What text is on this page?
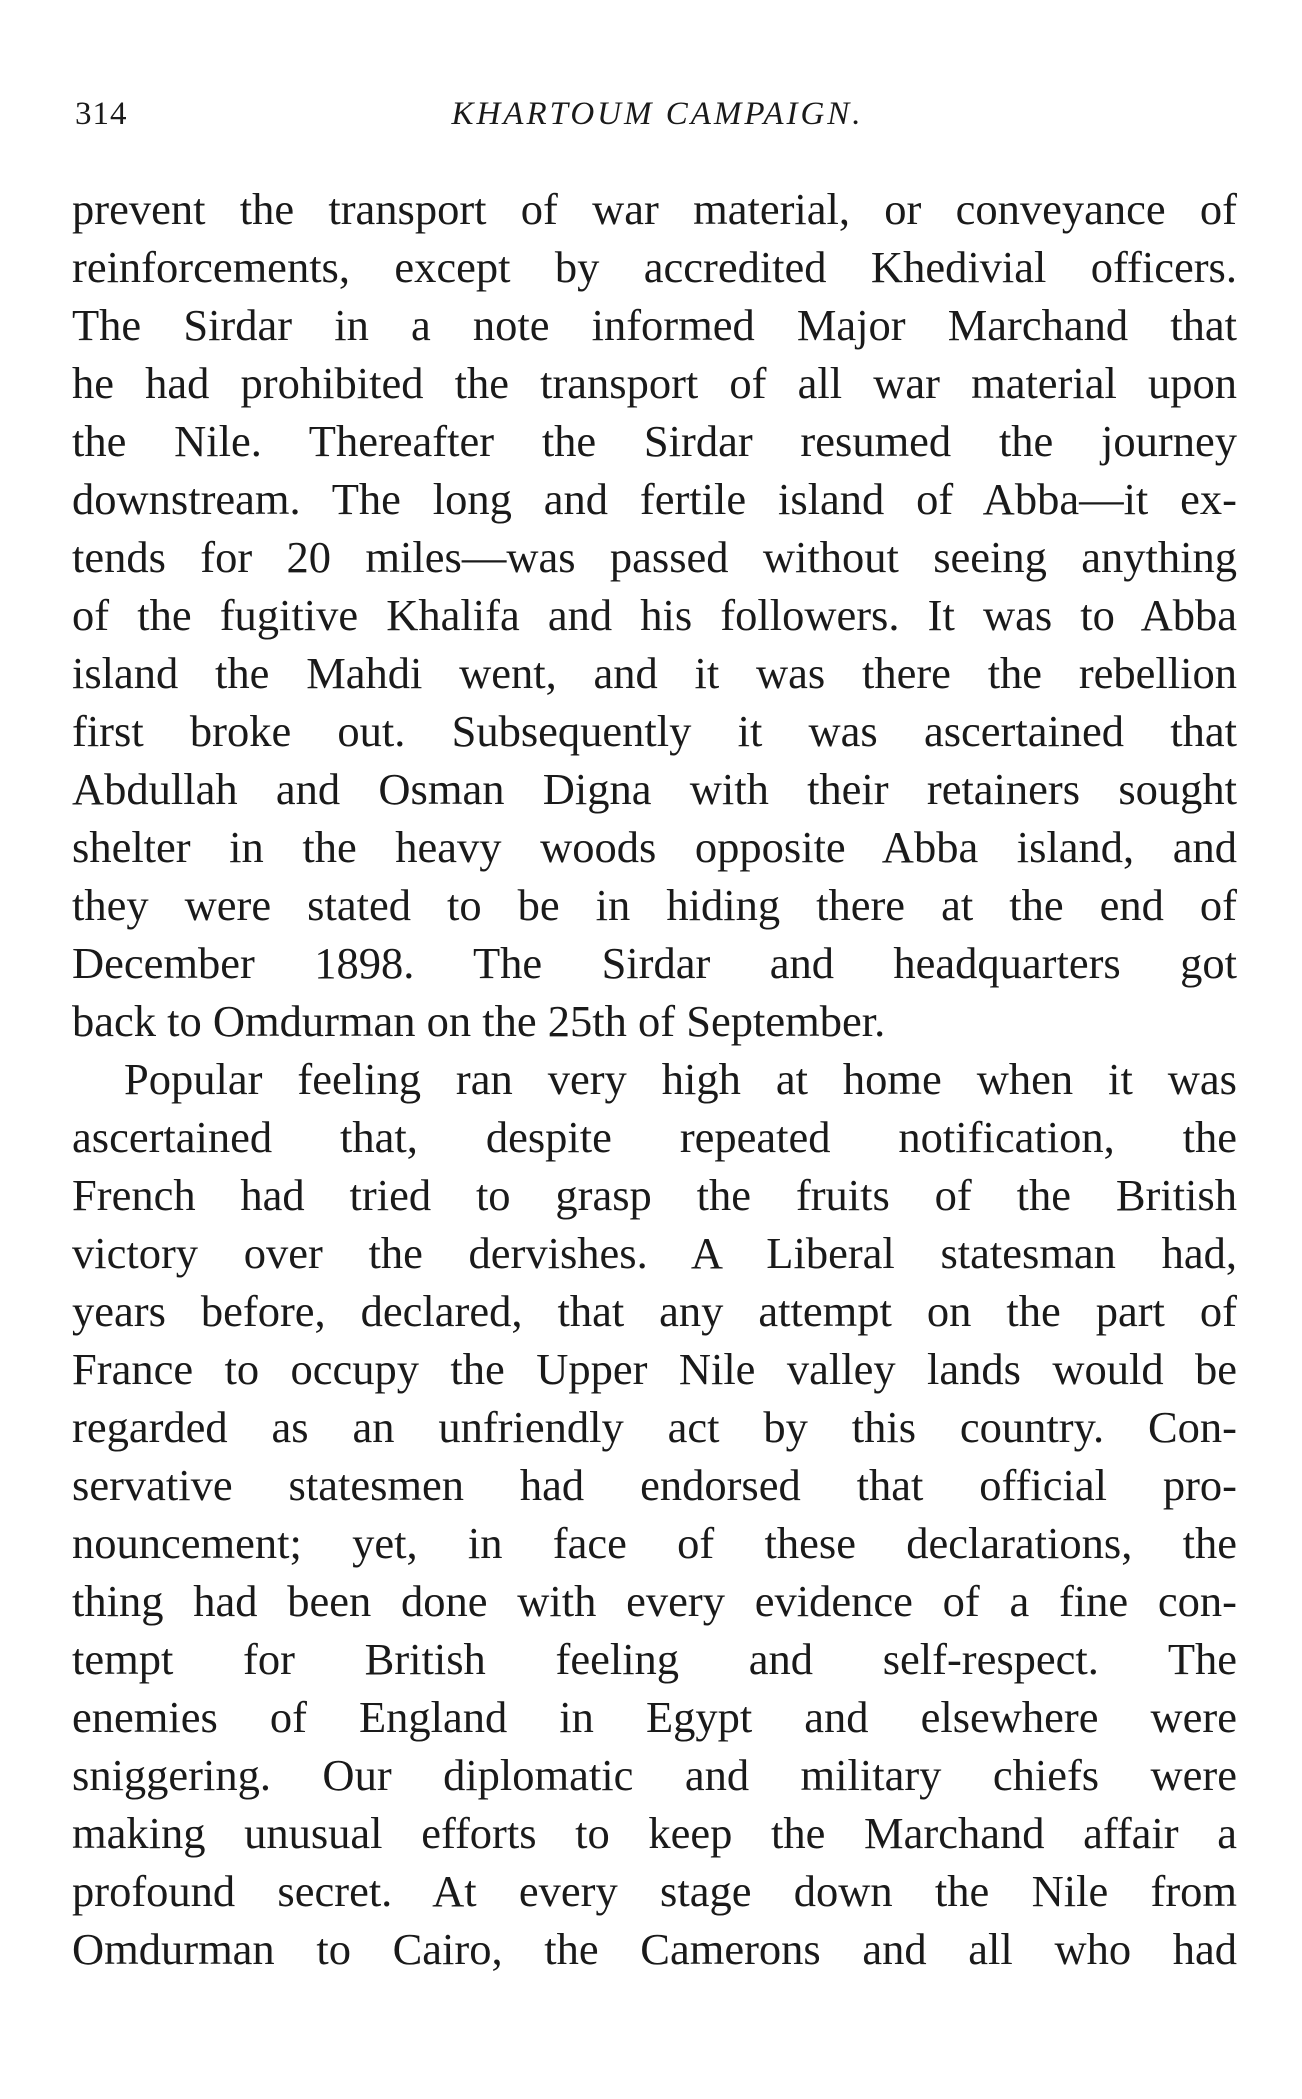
314	KHARTOUM CAMPAIGN.
prevent the transport of war material, or conveyance of
reinforcements, except by accredited Khedivial officers.
The Sirdar in a note informed Major Marchand that
he had prohibited the transport of all war material upon
the Nile. Thereafter the Sirdar resumed the journey
downstream. The long and fertile island of Abba—it ex-
tends for 20 miles—was passed without seeing anything
of the fugitive Khalifa and his followers. It was to Abba
island the Mahdi went, and it was there the rebellion
first broke out. Subsequently it was ascertained that
Abdullah and Osman Digna with their retainers sought
shelter in the heavy woods opposite Abba island, and
they were stated to be in hiding there at the end of
December 1898. The Sirdar and headquarters got
back to Omdurman on the 25th of September.
Popular feeling ran very high at home when it was
ascertained that, despite repeated notification, the
French had tried to grasp the fruits of the British
victory over the dervishes. A Liberal statesman had,
years before, declared, that any attempt on the part of
France to occupy the Upper Nile valley lands would be
regarded as an unfriendly act by this country. Con-
servative statesmen had endorsed that official pro-
nouncement; yet, in face of these declarations, the
thing had been done with every evidence of a fine con-
tempt for British feeling and self-respect. The
enemies of England in Egypt and elsewhere were
sniggering. Our diplomatic and military chiefs were
making unusual efforts to keep the Marchand affair a
profound secret. At every stage down the Nile from
Omdurman to Cairo, the Camerons and all who had
